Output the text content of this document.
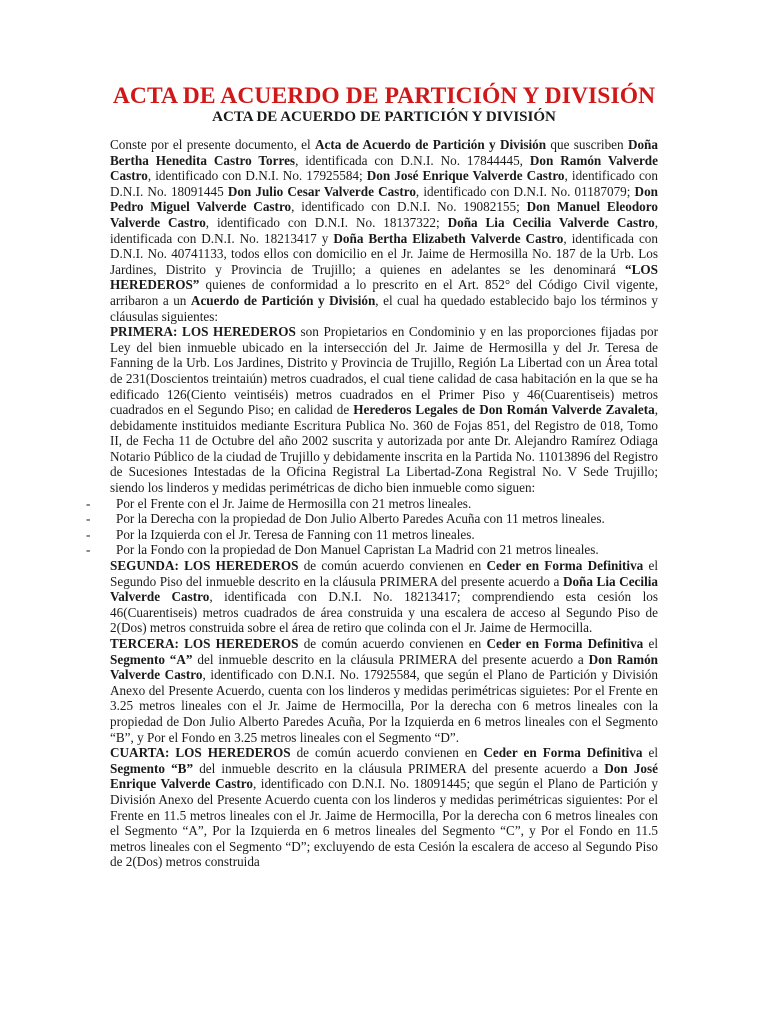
ACTA DE ACUERDO DE PARTICIÓN Y DIVISIÓN
ACTA DE ACUERDO DE PARTICIÓN Y DIVISIÓN

Conste por el presente documento, el Acta de Acuerdo de Partición y División que suscriben Doña Bertha Henedita Castro Torres, identificada con D.N.I. No. 17844445, Don Ramón Valverde Castro, identificado con D.N.I. No. 17925584; Don José Enrique Valverde Castro, identificado con D.N.I. No. 18091445 Don Julio Cesar Valverde Castro, identificado con D.N.I. No. 01187079; Don Pedro Miguel Valverde Castro, identificado con D.N.I. No. 19082155; Don Manuel Eleodoro Valverde Castro, identificado con D.N.I. No. 18137322; Doña Lia Cecilia Valverde Castro, identificada con D.N.I. No. 18213417 y Doña Bertha Elizabeth Valverde Castro, identificada con D.N.I. No. 40741133, todos ellos con domicilio en el Jr. Jaime de Hermosilla No. 187 de la Urb. Los Jardines, Distrito y Provincia de Trujillo; a quienes en adelantes se les denominará “LOS HEREDEROS” quienes de conformidad a lo prescrito en el Art. 852° del Código Civil vigente, arribaron a un Acuerdo de Partición y División, el cual ha quedado establecido bajo los términos y cláusulas siguientes:

PRIMERA: LOS HEREDEROS son Propietarios en Condominio y en las proporciones fijadas por Ley del bien inmueble ubicado en la intersección del Jr. Jaime de Hermosilla y del Jr. Teresa de Fanning de la Urb. Los Jardines, Distrito y Provincia de Trujillo, Región La Libertad con un Área total de 231(Doscientos treintaiún) metros cuadrados, el cual tiene calidad de casa habitación en la que se ha edificado 126(Ciento veintiséis) metros cuadrados en el Primer Piso y 46(Cuarentiseis) metros cuadrados en el Segundo Piso; en calidad de Herederos Legales de Don Román Valverde Zavaleta, debidamente instituidos mediante Escritura Publica No. 360 de Fojas 851, del Registro de 018, Tomo II, de Fecha 11 de Octubre del año 2002 suscrita y autorizada por ante Dr. Alejandro Ramírez Odiaga Notario Público de la ciudad de Trujillo y debidamente inscrita en la Partida No. 11013896 del Registro de Sucesiones Intestadas de la Oficina Registral La Libertad-Zona Registral No. V Sede Trujillo; siendo los linderos y medidas perimétricas de dicho bien inmueble como siguen:

- Por el Frente con el Jr. Jaime de Hermosilla con 21 metros lineales.
- Por la Derecha con la propiedad de Don Julio Alberto Paredes Acuña con 11 metros lineales.
- Por la Izquierda con el Jr. Teresa de Fanning con 11 metros lineales.
- Por la Fondo con la propiedad de Don Manuel Capristan La Madrid con 21 metros lineales.

SEGUNDA: LOS HEREDEROS de común acuerdo convienen en Ceder en Forma Definitiva el Segundo Piso del inmueble descrito en la cláusula PRIMERA del presente acuerdo a Doña Lia Cecilia Valverde Castro, identificada con D.N.I. No. 18213417; comprendiendo esta cesión los 46(Cuarentiseis) metros cuadrados de área construida y una escalera de acceso al Segundo Piso de 2(Dos) metros construida sobre el área de retiro que colinda con el Jr. Jaime de Hermocilla.

TERCERA: LOS HEREDEROS de común acuerdo convienen en Ceder en Forma Definitiva el Segmento “A” del inmueble descrito en la cláusula PRIMERA del presente acuerdo a Don Ramón Valverde Castro, identificado con D.N.I. No. 17925584, que según el Plano de Partición y División Anexo del Presente Acuerdo, cuenta con los linderos y medidas perimétricas siguietes: Por el Frente en 3.25 metros lineales con el Jr. Jaime de Hermocilla, Por la derecha con 6 metros lineales con la propiedad de Don Julio Alberto Paredes Acuña, Por la Izquierda en 6 metros lineales con el Segmento “B”, y Por el Fondo en 3.25 metros lineales con el Segmento “D”.

CUARTA: LOS HEREDEROS de común acuerdo convienen en Ceder en Forma Definitiva el Segmento “B” del inmueble descrito en la cláusula PRIMERA del presente acuerdo a Don José Enrique Valverde Castro, identificado con D.N.I. No. 18091445; que según el Plano de Partición y División Anexo del Presente Acuerdo cuenta con los linderos y medidas perimétricas siguientes: Por el Frente en 11.5 metros lineales con el Jr. Jaime de Hermocilla, Por la derecha con 6 metros lineales con el Segmento “A”, Por la Izquierda en 6 metros lineales del Segmento “C”, y Por el Fondo en 11.5 metros lineales con el Segmento “D”; excluyendo de esta Cesión la escalera de acceso al Segundo Piso de 2(Dos) metros construida
